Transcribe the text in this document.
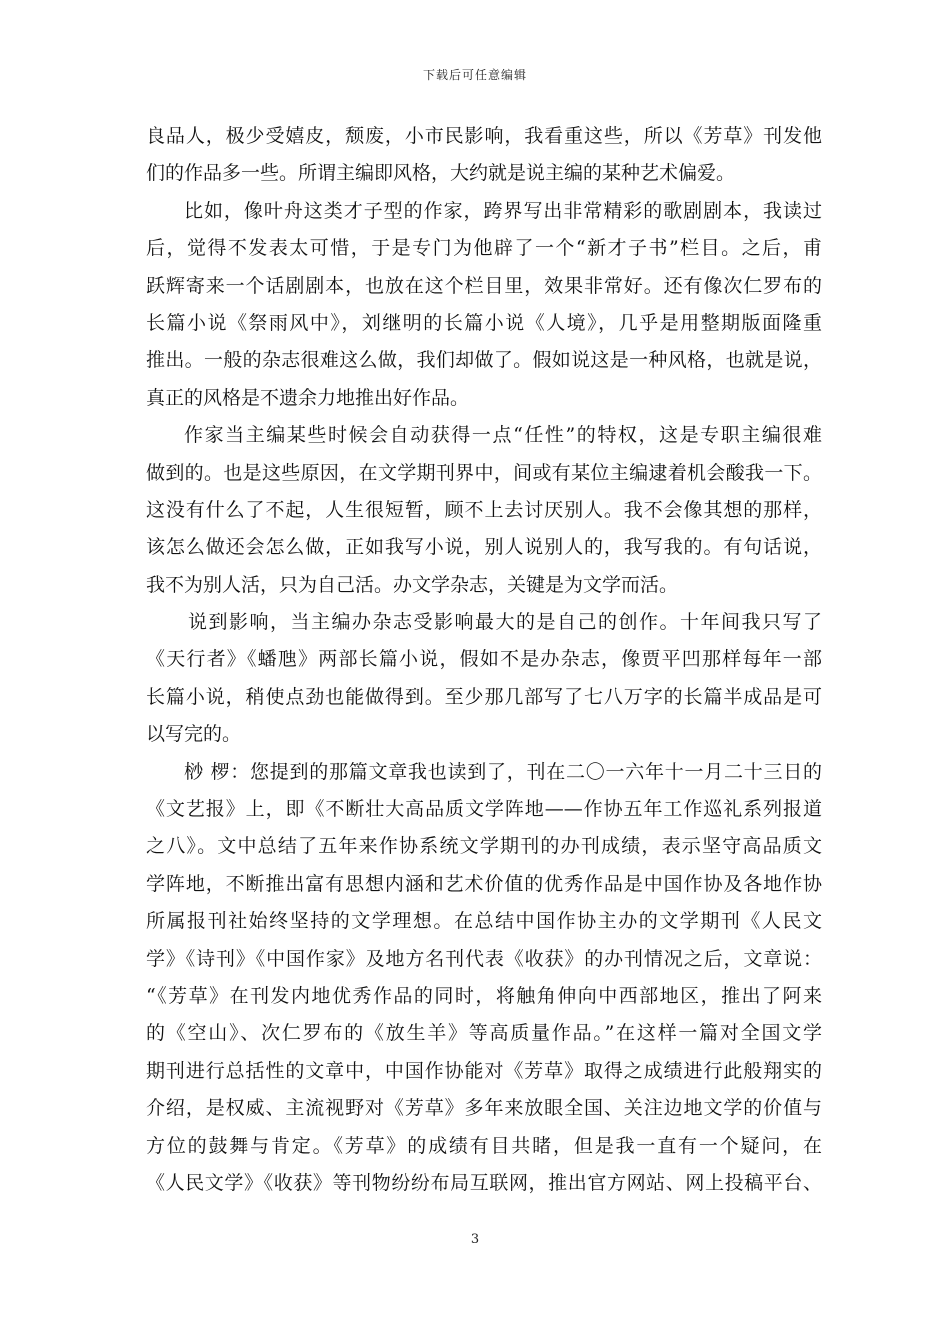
下载后可任意编辑
良品人，极少受嬉皮，颓废，小市民影响，我看重这些，所以《芳草》刊发他
们的作品多一些。所谓主编即风格，大约就是说主编的某种艺术偏爱。
比如，像叶舟这类才子型的作家，跨界写出非常精彩的歌剧剧本，我读过
后，觉得不发表太可惜，于是专门为他辟了一个“新才子书”栏目。之后，甫
跃辉寄来一个话剧剧本，也放在这个栏目里，效果非常好。还有像次仁罗布的
长篇小说《祭雨风中》，刘继明的长篇小说《人境》，几乎是用整期版面隆重
推出。一般的杂志很难这么做，我们却做了。假如说这是一种风格，也就是说，
真正的风格是不遗余力地推出好作品。
作家当主编某些时候会自动获得一点“任性”的特权，这是专职主编很难
做到的。也是这些原因，在文学期刊界中，间或有某位主编逮着机会酸我一下。
这没有什么了不起，人生很短暂，顾不上去讨厌别人。我不会像其想的那样，
该怎么做还会怎么做，正如我写小说，别人说别人的，我写我的。有句话说，
我不为别人活，只为自己活。办文学杂志，关键是为文学而活。
说到影响，当主编办杂志受影响最大的是自己的创作。十年间我只写了
《天行者》《蟠虺》两部长篇小说，假如不是办杂志，像贾平凹那样每年一部
长篇小说，稍使点劲也能做得到。至少那几部写了七八万字的长篇半成品是可
以写完的。
桫 椤：您提到的那篇文章我也读到了，刊在二〇一六年十一月二十三日的
《文艺报》上，即《不断壮大高品质文学阵地——作协五年工作巡礼系列报道
之八》。文中总结了五年来作协系统文学期刊的办刊成绩，表示坚守高品质文
学阵地，不断推出富有思想内涵和艺术价值的优秀作品是中国作协及各地作协
所属报刊社始终坚持的文学理想。在总结中国作协主办的文学期刊《人民文
学》《诗刊》《中国作家》及地方名刊代表《收获》的办刊情况之后，文章说：
“《芳草》在刊发内地优秀作品的同时，将触角伸向中西部地区，推出了阿来
的《空山》、次仁罗布的《放生羊》等高质量作品。”在这样一篇对全国文学
期刊进行总括性的文章中，中国作协能对《芳草》取得之成绩进行此般翔实的
介绍，是权威、主流视野对《芳草》多年来放眼全国、关注边地文学的价值与
方位的鼓舞与肯定。《芳草》的成绩有目共睹，但是我一直有一个疑问，在
《人民文学》《收获》等刊物纷纷布局互联网，推出官方网站、网上投稿平台、
3
